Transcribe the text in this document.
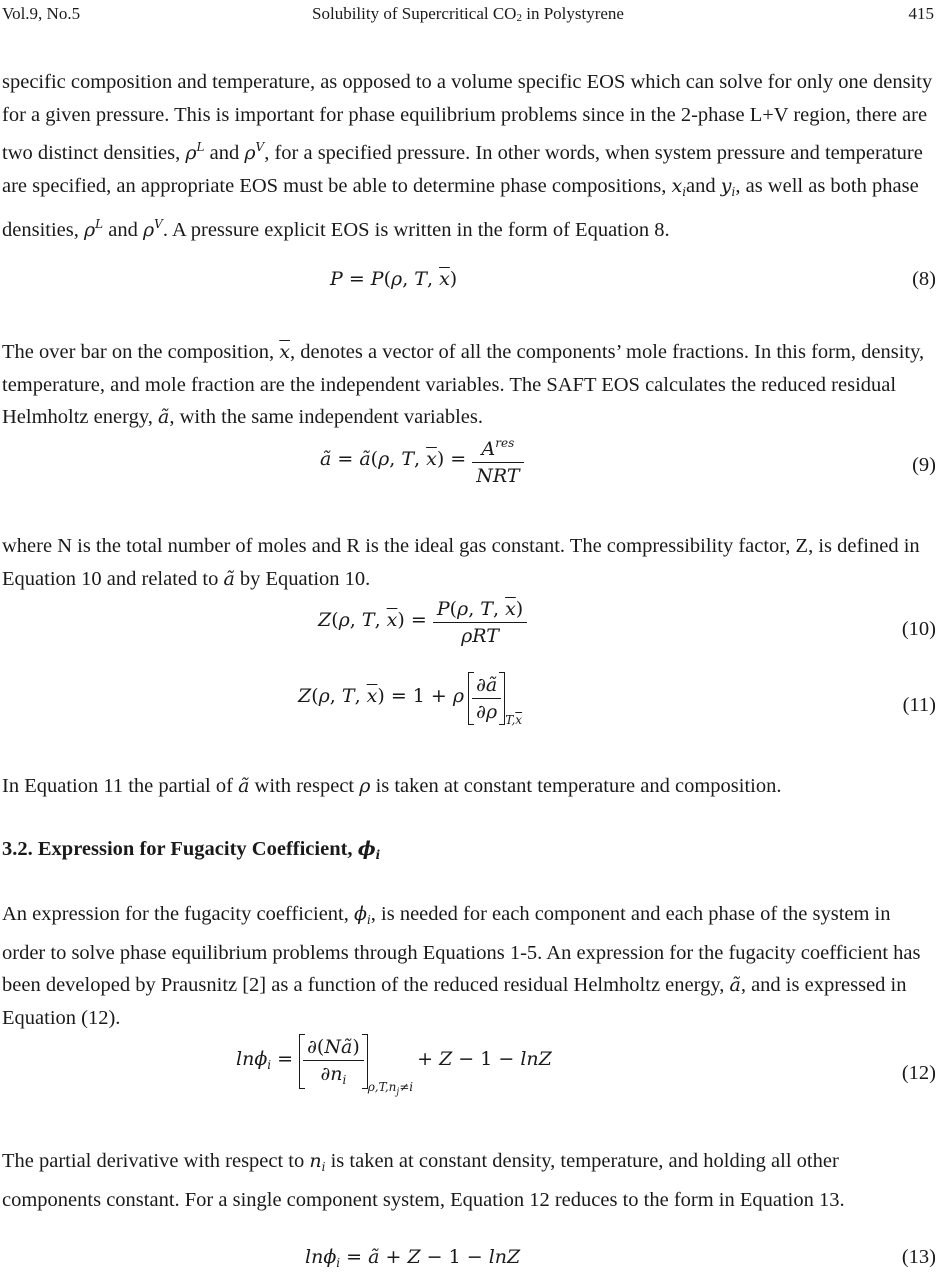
Vol.9, No.5	Solubility of Supercritical $CO_2$ in Polystyrene	415

specific composition and temperature, as opposed to a volume specific EOS which can solve for only one density for a given pressure. This is important for phase equilibrium problems since in the 2-phase L+V region, there are two distinct densities, $\rho^L$ and $\rho^V$, for a specified pressure. In other words, when system pressure and temperature are specified, an appropriate EOS must be able to determine phase compositions, $x_iand$ $y_i$, as well as both phase densities, $\rho^L$ and $\rho^V$. A pressure explicit EOS is written in the form of Equation 8.

P = P(ρ, T, $\overline{x}$)	(8)

The over bar on the composition, $\overline{x}$, denotes a vector of all the components’ mole fractions. In this form, density, temperature, and mole fraction are the independent variables. The SAFT EOS calculates the reduced residual Helmholtz energy, ã, with the same independent variables.

ã = ã(ρ, T, $\overline{x}) = \frac{A^{res}}{\text{NRT}}$	(9)

where N is the total number of moles and R is the ideal gas constant. The compressibility factor, Z, is defined in Equation 10 and related to ã by Equation 10.

Z(ρ, T, $\overline{x}) = \frac{P(\rho, T, \overline{x})}{\text{ρRT}}$	(10)
Z(ρ, T, $\overline{x}) = 1 + \rho \frac{\partial ã}{\partial\rho} _{T,\overline{x}}$
(11)

In Equation 11 the partial of ã with respect ρ is taken at constant temperature and composition.

3.2. Expression for Fugacity Coefficient, $\phi_i$

An expression for the fugacity coefficient, $\phi_i$, is needed for each component and each phase of the system in order to solve phase equilibrium problems through Equations 1-5. An expression for the fugacity coefficient has been developed by Prausnitz [2] as a function of the reduced residual Helmholtz energy, ã, and is expressed in Equation (12).

$\ln\phi_i = \frac{\partial(Nã)}{\partial n_i}$
$_{\rho,T,n_j\ne i}$ + Z − 1 − lnZ
(12)

The partial derivative with respect to $n_i$ is taken at constant density, temperature, and holding all other components constant. For a single component system, Equation 12 reduces to the form in Equation 13.

lnϕ$_i$ = ã + Z − 1 − lnZ	(13)
